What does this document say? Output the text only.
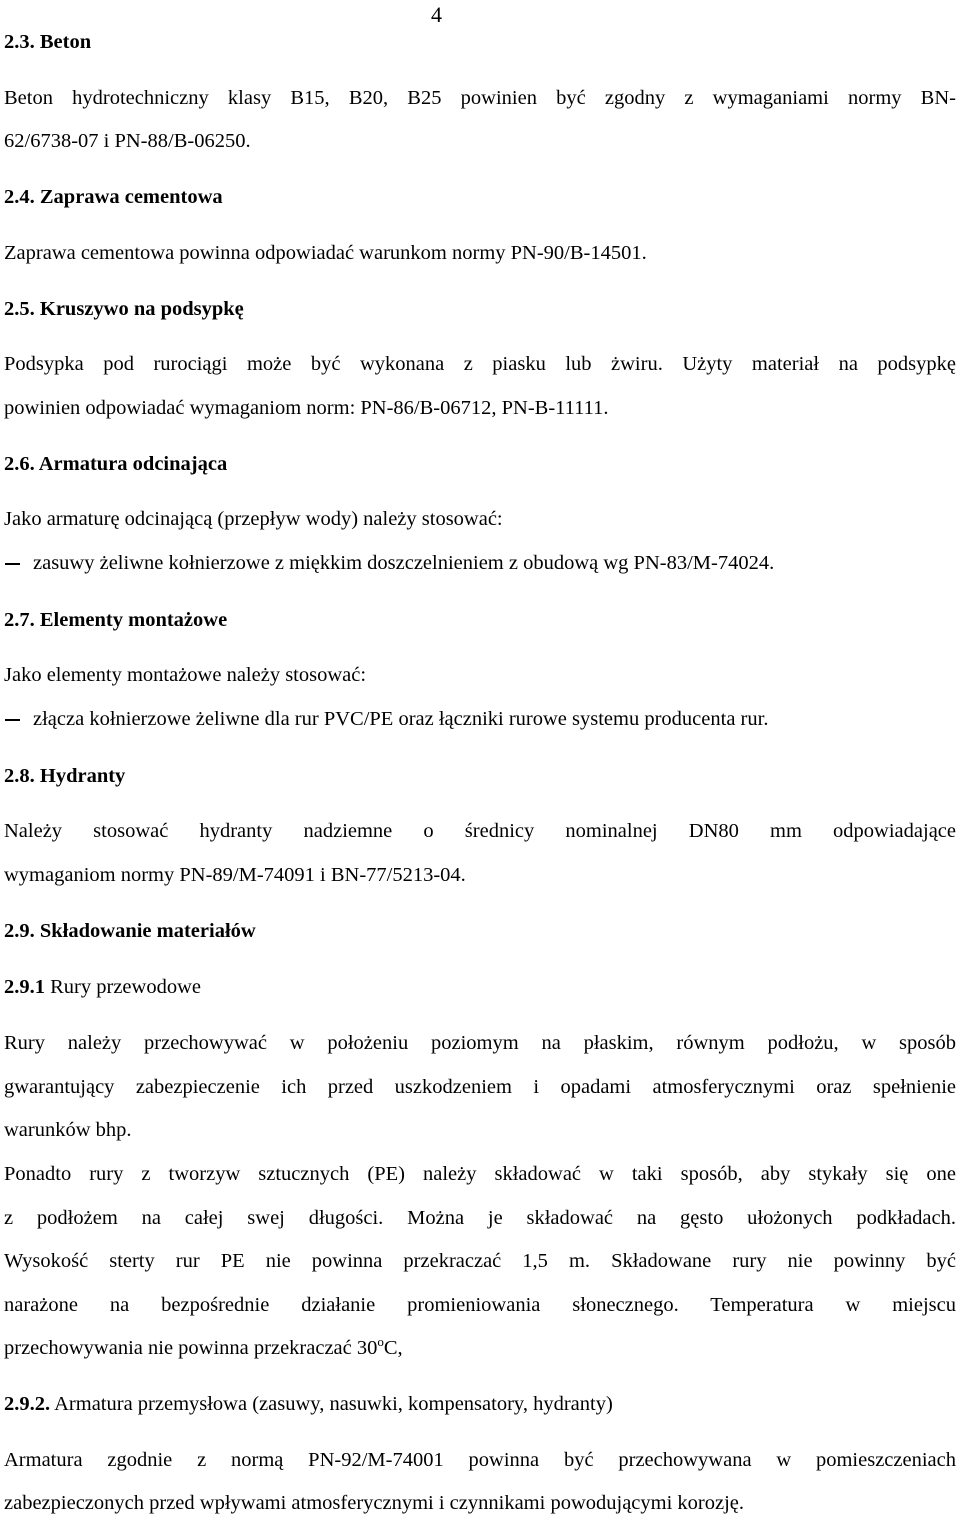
4
2.3. Beton
Beton hydrotechniczny klasy B15, B20, B25 powinien być zgodny z wymaganiami normy BN-
62/6738-07 i PN-88/B-06250.
2.4. Zaprawa cementowa
Zaprawa cementowa powinna odpowiadać warunkom normy PN-90/B-14501.
2.5. Kruszywo na podsypkę
Podsypka pod rurociągi może być wykonana z piasku lub żwiru. Użyty materiał na podsypkę
powinien odpowiadać wymaganiom norm: PN-86/B-06712, PN-B-11111.
2.6. Armatura odcinająca
Jako armaturę odcinającą (przepływ wody) należy stosować:
zasuwy żeliwne kołnierzowe z miękkim doszczelnieniem z obudową wg PN-83/M-74024.
2.7. Elementy montażowe
Jako elementy montażowe należy stosować:
złącza kołnierzowe żeliwne dla rur PVC/PE oraz łączniki rurowe systemu producenta rur.
2.8. Hydranty
Należy stosować hydranty nadziemne o średnicy nominalnej DN80 mm odpowiadające
wymaganiom normy PN-89/M-74091 i BN-77/5213-04.
2.9. Składowanie materiałów
2.9.1 Rury przewodowe
Rury należy przechowywać w położeniu poziomym na płaskim, równym podłożu, w sposób
gwarantujący zabezpieczenie ich przed uszkodzeniem i opadami atmosferycznymi oraz spełnienie
warunków bhp.
Ponadto rury z tworzyw sztucznych (PE) należy składować w taki sposób, aby stykały się one
z podłożem na całej swej długości. Można je składować na gęsto ułożonych podkładach.
Wysokość sterty rur PE nie powinna przekraczać 1,5 m. Składowane rury nie powinny być
narażone na bezpośrednie działanie promieniowania słonecznego. Temperatura w miejscu
przechowywania nie powinna przekraczać 30$^o$C,
2.9.2. Armatura przemysłowa (zasuwy, nasuwki, kompensatory, hydranty)
Armatura zgodnie z normą PN-92/M-74001 powinna być przechowywana w pomieszczeniach
zabezpieczonych przed wpływami atmosferycznymi i czynnikami powodującymi korozję.
